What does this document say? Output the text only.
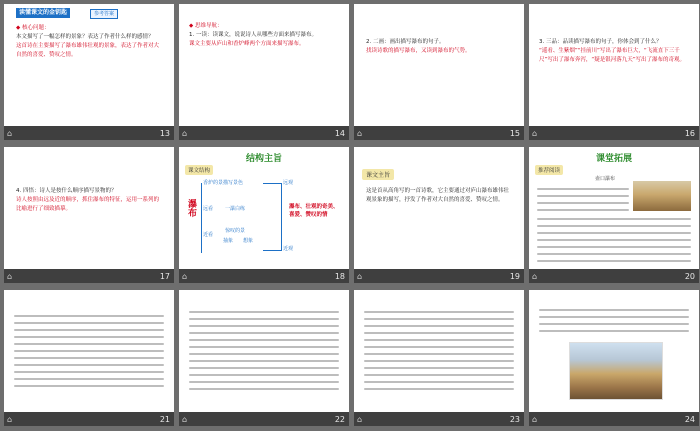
读懂课文的金钥匙	参考答案
◆ 核心问题：
本文描写了一幅怎样的景象？表达了作者什么样的感情？
这首诗在主要描写了瀑布雄伟壮观的景象，表达了作者对大自然的喜爱、赞叹之情。
⌂	13
◆ 思维导航：
1. 一读：读课文，说说诗人从哪些方面来描写瀑布。
课文主要从庐山和香炉峰两个方面来描写瀑布。
⌂	14
2. 二画：画出描写瀑布的句子。
找读诗歌的描写瀑布，又读到瀑布的气势。
⌂	15
3. 三品：品读描写瀑布的句子，你体会到了什么？
“遥看、生紫烟”“挂前川”写出了瀑布巨大，“飞流直下三千尺”写出了瀑布奔泻，“疑是银河落九天”写出了瀑布的奇观。
⌂	16
4. 四悟：诗人是按什么顺序描写景物的？
诗人按照由远及近的顺序，抓住瀑布的特征，运用一系列的比喻进行了细致描摹。
⌂	17
结构主旨
课文结构
瀑布
香炉的景 描写景色
远看 一瀑白练
近看
惊叹的景
抽象 想象
远观
近观
瀑布、壮观的奇美、喜爱、赞叹的情
⌂	18
课文主旨
这是首从高角写的一首诗歌，它主要通过对庐山瀑布雄伟壮观景象的描写，抒发了作者对大自然的喜爱、赞叹之情。
⌂	19
课堂拓展
推荐阅读
壶口瀑布
⌂	20
⌂	21 ⌂	22 ⌂	23 ⌂	24
